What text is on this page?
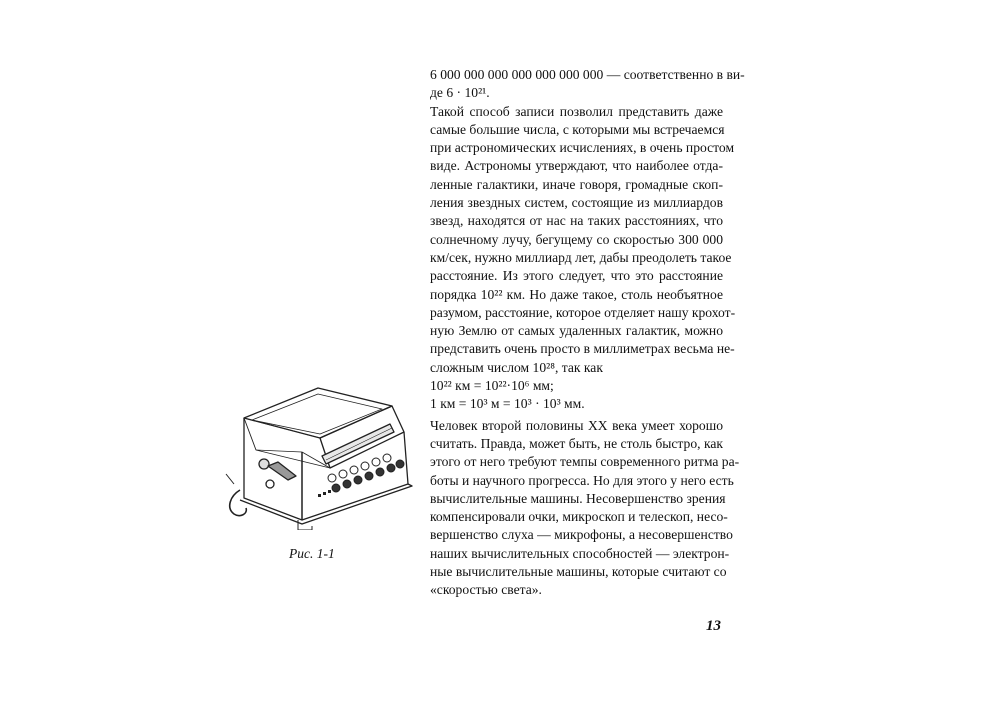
Рис. 1-1
6 000 000 000 000 000 000 000 — соответственно в ви-
де 6 · 10²¹.
Такой способ записи позволил представить даже
самые большие числа, с которыми мы встречаемся
при астрономических исчислениях, в очень простом
виде. Астрономы утверждают, что наиболее отда-
ленные галактики, иначе говоря, громадные скоп-
ления звездных систем, состоящие из миллиардов
звезд, находятся от нас на таких расстояниях, что
солнечному лучу, бегущему со скоростью 300 000
км/сек, нужно миллиард лет, дабы преодолеть такое
расстояние. Из этого следует, что это расстояние
порядка 10²² км. Но даже такое, столь необъятное
разумом, расстояние, которое отделяет нашу крохот-
ную Землю от самых удаленных галактик, можно
представить очень просто в миллиметрах весьма не-
сложным числом 10²⁸, так как
10²² км = 10²²·10⁶ мм;
1 км = 10³ м = 10³ · 10³ мм.
Человек второй половины XX века умеет хорошо
считать. Правда, может быть, не столь быстро, как
этого от него требуют темпы современного ритма ра-
боты и научного прогресса. Но для этого у него есть
вычислительные машины. Несовершенство зрения
компенсировали очки, микроскоп и телескоп, несо-
вершенство слуха — микрофоны, а несовершенство
наших вычислительных способностей — электрон-
ные вычислительные машины, которые считают со
«скоростью света».
13
